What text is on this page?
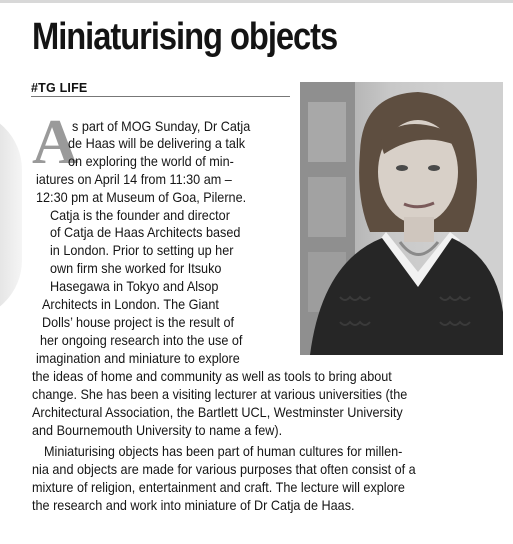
Miniaturising objects
#TG LIFE
A
s part of MOG Sunday, Dr Catja
de Haas will be delivering a talk
on exploring the world of min-
iatures on April 14 from 11:30 am –
12:30 pm at Museum of Goa, Pilerne.
Catja is the founder and director
of Catja de Haas Architects based
in London. Prior to setting up her
own firm she worked for Itsuko
Hasegawa in Tokyo and Alsop
Architects in London. The Giant
Dolls’ house project is the result of
her ongoing research into the use of
imagination and miniature to explore
the ideas of home and community as well as tools to bring about
change. She has been a visiting lecturer at various universities (the
Architectural Association, the Bartlett UCL, Westminster University
and Bournemouth University to name a few).
Miniaturising objects has been part of human cultures for millen-
nia and objects are made for various purposes that often consist of a
mixture of religion, entertainment and craft. The lecture will explore
the research and work into miniature of Dr Catja de Haas.
